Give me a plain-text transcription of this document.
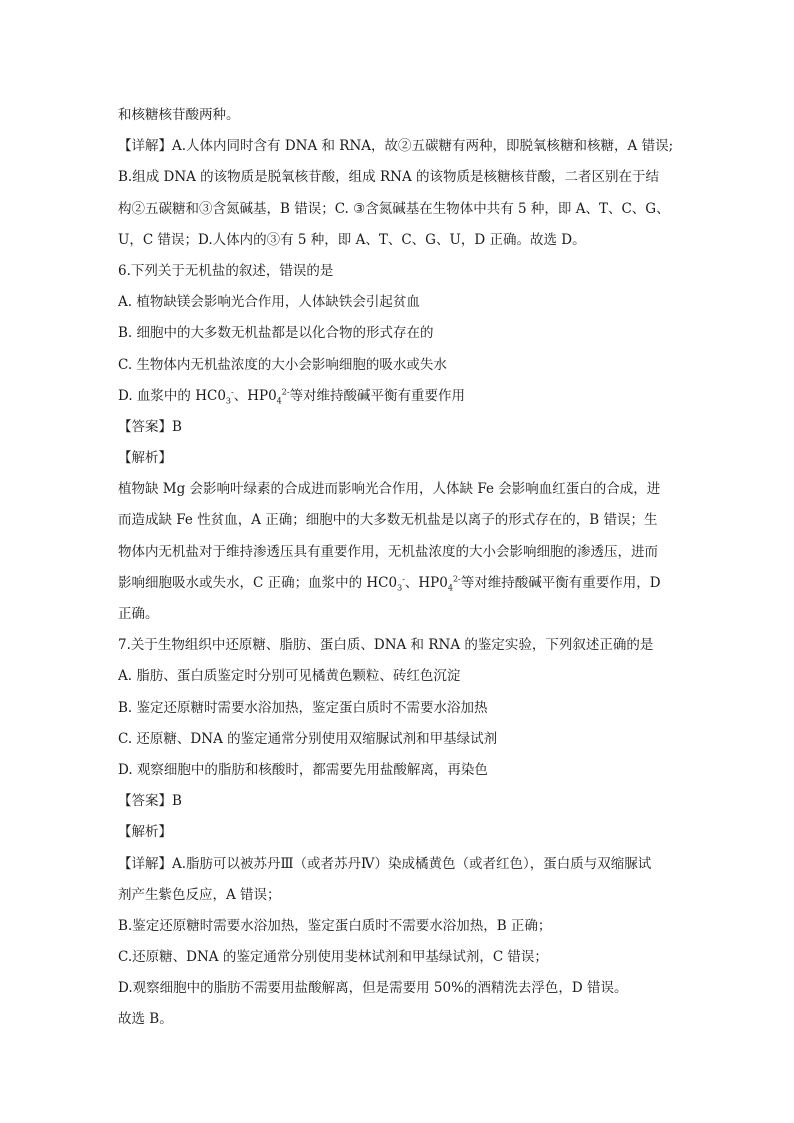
和核糖核苷酸两种。
【详解】A.人体内同时含有 DNA 和 RNA，故②五碳糖有两种，即脱氧核糖和核糖，A 错误;
B.组成 DNA 的该物质是脱氧核苷酸，组成 RNA 的该物质是核糖核苷酸，二者区别在于结
构②五碳糖和③含氮碱基，B 错误；C. ③含氮碱基在生物体中共有 5 种，即 A、T、C、G、
U，C 错误；D.人体内的③有 5 种，即 A、T、C、G、U，D 正确。故选 D。
6.下列关于无机盐的叙述，错误的是
A. 植物缺镁会影响光合作用，人体缺铁会引起贫血
B. 细胞中的大多数无机盐都是以化合物的形式存在的
C. 生物体内无机盐浓度的大小会影响细胞的吸水或失水
D. 血浆中的 $HC0_3^-$、$HP0_4^{2-}$等对维持酸碱平衡有重要作用
【答案】B
【解析】
植物缺 Mg 会影响叶绿素的合成进而影响光合作用，人体缺 Fe 会影响血红蛋白的合成，进
而造成缺 Fe 性贫血，A 正确；细胞中的大多数无机盐是以离子的形式存在的，B 错误；生
物体内无机盐对于维持渗透压具有重要作用，无机盐浓度的大小会影响细胞的渗透压，进而
影响细胞吸水或失水，C 正确；血浆中的 $HC0_3^-$、$HP0_4^{2-}$等对维持酸碱平衡有重要作用，D
正确。
7.关于生物组织中还原糖、脂肪、蛋白质、DNA 和 RNA 的鉴定实验，下列叙述正确的是
A. 脂肪、蛋白质鉴定时分别可见橘黄色颗粒、砖红色沉淀
B. 鉴定还原糖时需要水浴加热，鉴定蛋白质时不需要水浴加热
C. 还原糖、DNA 的鉴定通常分别使用双缩脲试剂和甲基绿试剂
D. 观察细胞中的脂肪和核酸时，都需要先用盐酸解离，再染色
【答案】B
【解析】
【详解】A.脂肪可以被苏丹Ⅲ（或者苏丹Ⅳ）染成橘黄色（或者红色），蛋白质与双缩脲试
剂产生紫色反应，A 错误；
B.鉴定还原糖时需要水浴加热，鉴定蛋白质时不需要水浴加热，B 正确；
C.还原糖、DNA 的鉴定通常分别使用斐林试剂和甲基绿试剂，C 错误；
D.观察细胞中的脂肪不需要用盐酸解离，但是需要用 50%的酒精洗去浮色，D 错误。
故选 B。
